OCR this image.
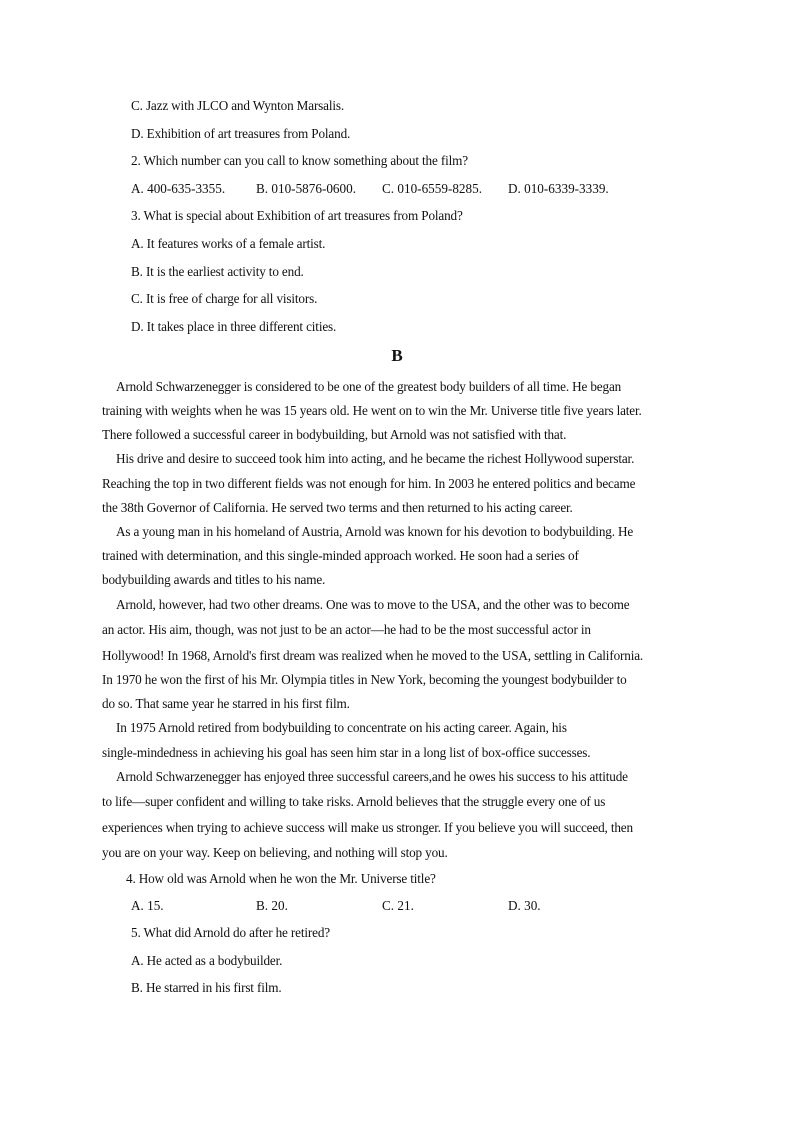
C. Jazz with JLCO and Wynton Marsalis.
D. Exhibition of art treasures from Poland.
2. Which number can you call to know something about the film?
A. 400-635-3355. B. 010-5876-0600. C. 010-6559-8285. D. 010-6339-3339.
3. What is special about Exhibition of art treasures from Poland?
A. It features works of a female artist.
B. It is the earliest activity to end.
C. It is free of charge for all visitors.
D. It takes place in three different cities.
B
Arnold Schwarzenegger is considered to be one of the greatest body builders of all time. He began
training with weights when he was 15 years old. He went on to win the Mr. Universe title five years later.
There followed a successful career in bodybuilding, but Arnold was not satisfied with that.
His drive and desire to succeed took him into acting, and he became the richest Hollywood superstar.
Reaching the top in two different fields was not enough for him. In 2003 he entered politics and became
the 38th Governor of California. He served two terms and then returned to his acting career.
As a young man in his homeland of Austria, Arnold was known for his devotion to bodybuilding. He
trained with determination, and this single-minded approach worked. He soon had a series of
bodybuilding awards and titles to his name.
Arnold, however, had two other dreams. One was to move to the USA, and the other was to become
an actor. His aim, though, was not just to be an actor—he had to be the most successful actor in
Hollywood! In 1968, Arnold's first dream was realized when he moved to the USA, settling in California.
In 1970 he won the first of his Mr. Olympia titles in New York, becoming the youngest bodybuilder to
do so. That same year he starred in his first film.
In 1975 Arnold retired from bodybuilding to concentrate on his acting career. Again, his
single-mindedness in achieving his goal has seen him star in a long list of box-office successes.
Arnold Schwarzenegger has enjoyed three successful careers,and he owes his success to his attitude
to life—super confident and willing to take risks. Arnold believes that the struggle every one of us
experiences when trying to achieve success will make us stronger. If you believe you will succeed, then
you are on your way. Keep on believing, and nothing will stop you.
4. How old was Arnold when he won the Mr. Universe title?
A. 15.	B. 20.	C. 21.	D. 30.
5. What did Arnold do after he retired?
A. He acted as a bodybuilder.
B. He starred in his first film.
